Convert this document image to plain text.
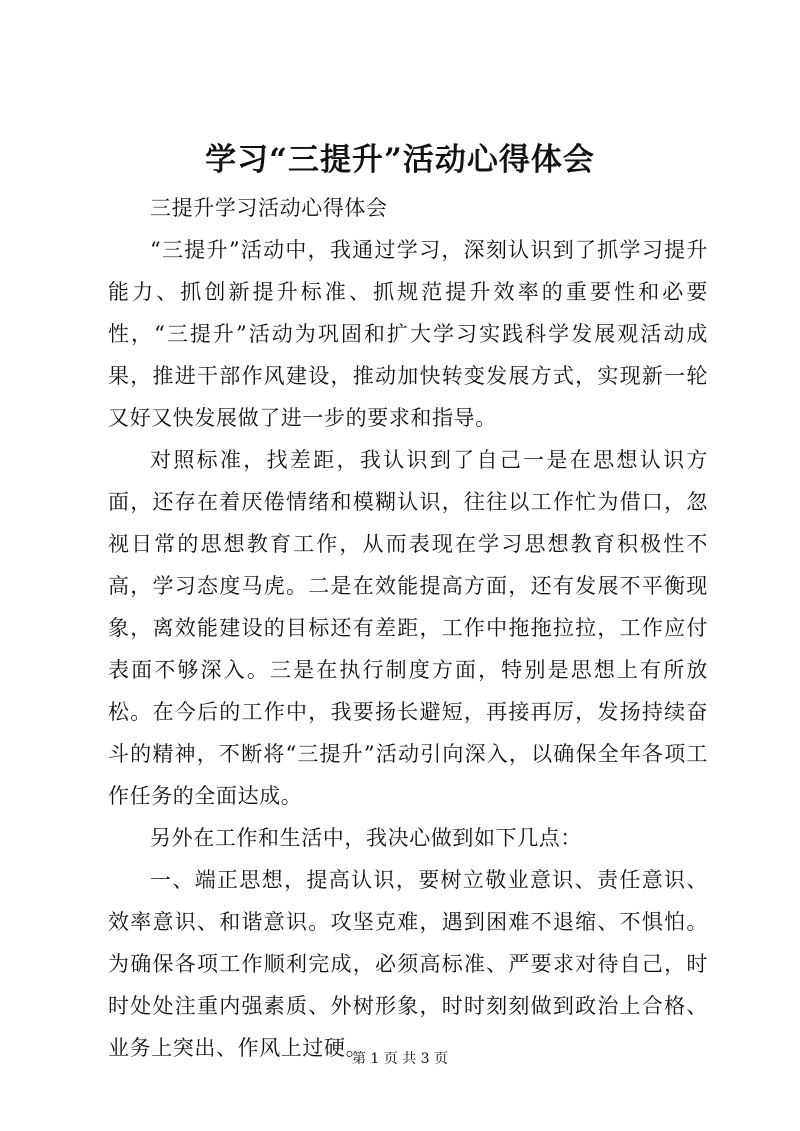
学习“三提升”活动心得体会

三提升学习活动心得体会

“三提升”活动中，我通过学习，深刻认识到了抓学习提升能力、抓创新提升标准、抓规范提升效率的重要性和必要性，“三提升”活动为巩固和扩大学习实践科学发展观活动成果，推进干部作风建设，推动加快转变发展方式，实现新一轮又好又快发展做了进一步的要求和指导。

对照标准，找差距，我认识到了自己一是在思想认识方面，还存在着厌倦情绪和模糊认识，往往以工作忙为借口，忽视日常的思想教育工作，从而表现在学习思想教育积极性不高，学习态度马虎。二是在效能提高方面，还有发展不平衡现象，离效能建设的目标还有差距，工作中拖拖拉拉，工作应付表面不够深入。三是在执行制度方面，特别是思想上有所放松。在今后的工作中，我要扬长避短，再接再厉，发扬持续奋斗的精神，不断将“三提升”活动引向深入，以确保全年各项工作任务的全面达成。

另外在工作和生活中，我决心做到如下几点：

一、端正思想，提高认识，要树立敬业意识、责任意识、效率意识、和谐意识。攻坚克难，遇到困难不退缩、不惧怕。为确保各项工作顺利完成，必须高标准、严要求对待自己，时时处处注重内强素质、外树形象，时时刻刻做到政治上合格、业务上突出、作风上过硬。

第 1 页 共 3 页
